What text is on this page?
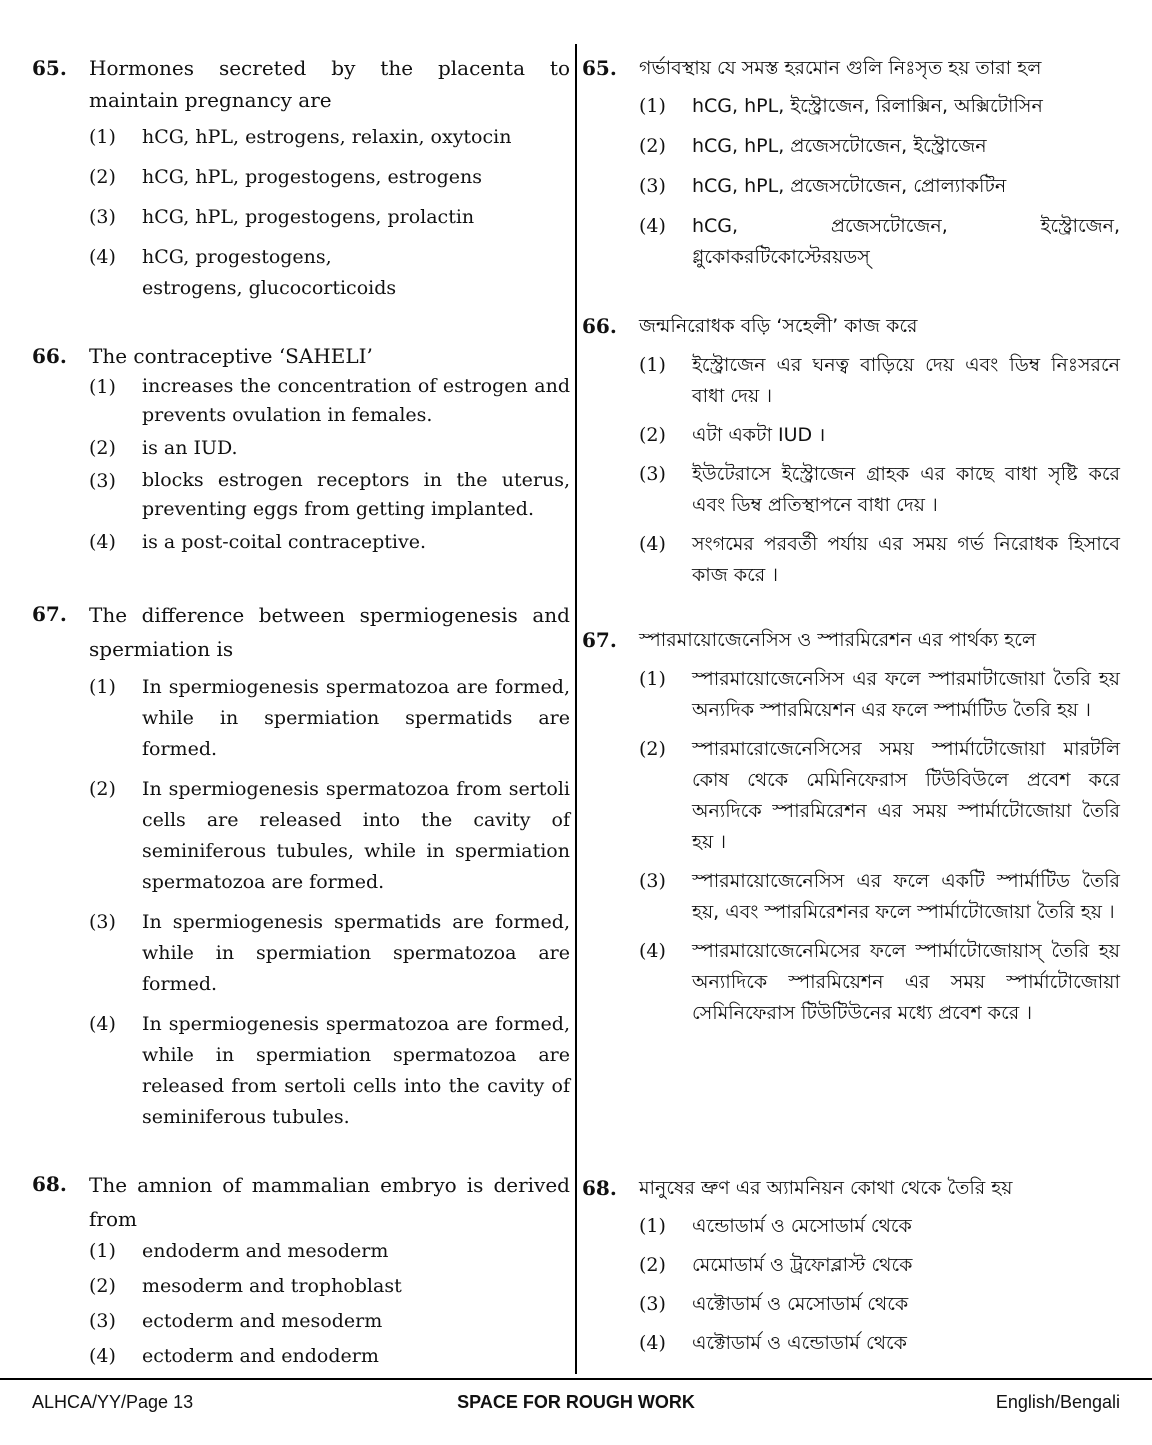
65.	Hormones secreted by the placenta to maintain pregnancy are
(1)	hCG, hPL, estrogens, relaxin, oxytocin
(2)	hCG, hPL, progestogens, estrogens
(3)	hCG, hPL, progestogens, prolactin
(4)	hCG, progestogens, estrogens, glucocorticoids
66.	The contraceptive ‘SAHELI’
(1)	increases the concentration of estrogen and prevents ovulation in females.
(2)	is an IUD.
(3)	blocks estrogen receptors in the uterus, preventing eggs from getting implanted.
(4)	is a post-coital contraceptive.
67.	The difference between spermiogenesis and spermiation is
(1)	In spermiogenesis spermatozoa are formed, while in spermiation spermatids are formed.
(2)	In spermiogenesis spermatozoa from sertoli cells are released into the cavity of seminiferous tubules, while in spermiation spermatozoa are formed.
(3)	In spermiogenesis spermatids are formed, while in spermiation spermatozoa are formed.
(4)	In spermiogenesis spermatozoa are formed, while in spermiation spermatozoa are released from sertoli cells into the cavity of seminiferous tubules.
68.	The amnion of mammalian embryo is derived from
(1)	endoderm and mesoderm
(2)	mesoderm and trophoblast
(3)	ectoderm and mesoderm
(4)	ectoderm and endoderm
65.	গর্ভাবস্থায় যে সমস্ত হরমোন গুলি নিঃসৃত হয় তারা হল
(1)	hCG, hPL, ইস্ট্রোজেন, রিলাক্সিন, অক্সিটোসিন
(2)	hCG, hPL, প্রজেসটোজেন, ইস্ট্রোজেন
(3)	hCG, hPL, প্রজেসটোজেন, প্রোল্যাকটিন
(4)	hCG, প্রজেসটোজেন, ইস্ট্রোজেন, গ্লুকোকরটিকোস্টেরয়ডস্
66.	জন্মনিরোধক বড়ি ‘সহেলী’ কাজ করে
(1)	ইস্ট্রোজেন এর ঘনত্ব বাড়িয়ে দেয় এবং ডিম্ব নিঃসরনে বাধা দেয় ।
(2)	এটা একটা IUD ।
(3)	ইউটেরাসে ইস্ট্রোজেন গ্রাহক এর কাছে বাধা সৃষ্টি করে এবং ডিম্ব প্রতিস্থাপনে বাধা দেয় ।
(4)	সংগমের পরবর্তী পর্যায় এর সময় গর্ভ নিরোধক হিসাবে কাজ করে ।
67.	স্পারমায়োজেনেসিস ও স্পারমিরেশন এর পার্থক্য হলে
(1)	স্পারমায়োজেনেসিস এর ফলে স্পারমাটাজোয়া তৈরি হয় অন্যদিক স্পারমিয়েশন এর ফলে স্পার্মাটিড তৈরি হয় ।
(2)	স্পারমারোজেনেসিসের সময় স্পার্মাটোজোয়া মারটলি কোষ থেকে মেমিনিফেরাস টিউবিউলে প্রবেশ করে অন্যদিকে স্পারমিরেশন এর সময় স্পার্মাটোজোয়া তৈরি হয় ।
(3)	স্পারমায়োজেনেসিস এর ফলে একটি স্পার্মাটিড তৈরি হয়, এবং স্পারমিরেশনর ফলে স্পার্মাটোজোয়া তৈরি হয় ।
(4)	স্পারমায়োজেনেমিসের ফলে স্পার্মাটোজোয়াস্ তৈরি হয় অন্যাদিকে স্পারমিয়েশন এর সময় স্পার্মাটোজোয়া সেমিনিফেরাস টিউটিউনের মধ্যে প্রবেশ করে ।
68.	মানুষের ভ্রুণ এর অ্যামনিয়ন কোথা থেকে তৈরি হয়
(1)	এন্ডোডার্ম ও মেসোডার্ম থেকে
(2)	মেমোডার্ম ও ট্রফোব্লাস্ট থেকে
(3)	এক্টোডার্ম ও মেসোডার্ম থেকে
(4)	এক্টোডার্ম ও এন্ডোডার্ম থেকে
SPACE FOR ROUGH WORK
ALHCA/YY/Page 13	English/Bengali
